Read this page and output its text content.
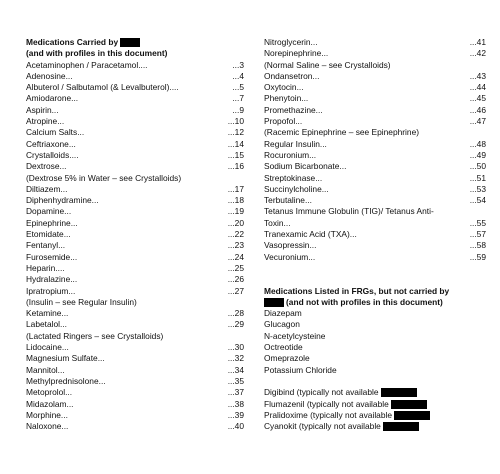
Medications Carried by
(and with profiles in this document)
Acetaminophen / Paracetamol....	...3
Adenosine...	...4
Albuterol / Salbutamol (& Levalbuterol)....	...5
Amiodarone...	...7
Aspirin...	...9
Atropine...	...10
Calcium Salts...	...12
Ceftriaxone...	...14
Crystalloids....	...15
Dextrose...	...16
(Dextrose 5% in Water – see Crystalloids)
Diltiazem...	...17
Diphenhydramine...	...18
Dopamine...	...19
Epinephrine...	...20
Etomidate...	...22
Fentanyl...	...23
Furosemide...	...24
Heparin....	...25
Hydralazine...	...26
Ipratropium...	...27
(Insulin – see Regular Insulin)
Ketamine...	...28
Labetalol...	...29
(Lactated Ringers – see Crystalloids)
Lidocaine...	...30
Magnesium Sulfate...	...32
Mannitol...	...34
Methylprednisolone...	...35
Metoprolol...	...37
Midazolam...	...38
Morphine...	...39
Naloxone...	...40
Nitroglycerin...	...41
Norepinephrine...	...42
(Normal Saline – see Crystalloids)
Ondansetron...	...43
Oxytocin...	...44
Phenytoin...	...45
Promethazine...	...46
Propofol...	...47
(Racemic Epinephrine – see Epinephrine)
Regular Insulin...	...48
Rocuronium...	...49
Sodium Bicarbonate...	...50
Streptokinase...	...51
Succinylcholine...	...53
Terbutaline...	...54
Tetanus Immune Globulin (TIG)/ Tetanus Anti-
Toxin...	...55
Tranexamic Acid (TXA)...	...57
Vasopressin...	...58
Vecuronium...	...59
Medications Listed in FRGs, but not carried by
(and not with profiles in this document)
Diazepam
Glucagon
N-acetylcysteine
Octreotide
Omeprazole
Potassium Chloride
Digibind (typically not available
Flumazenil (typically not available
Pralidoxime (typically not available
Cyanokit (typically not available
